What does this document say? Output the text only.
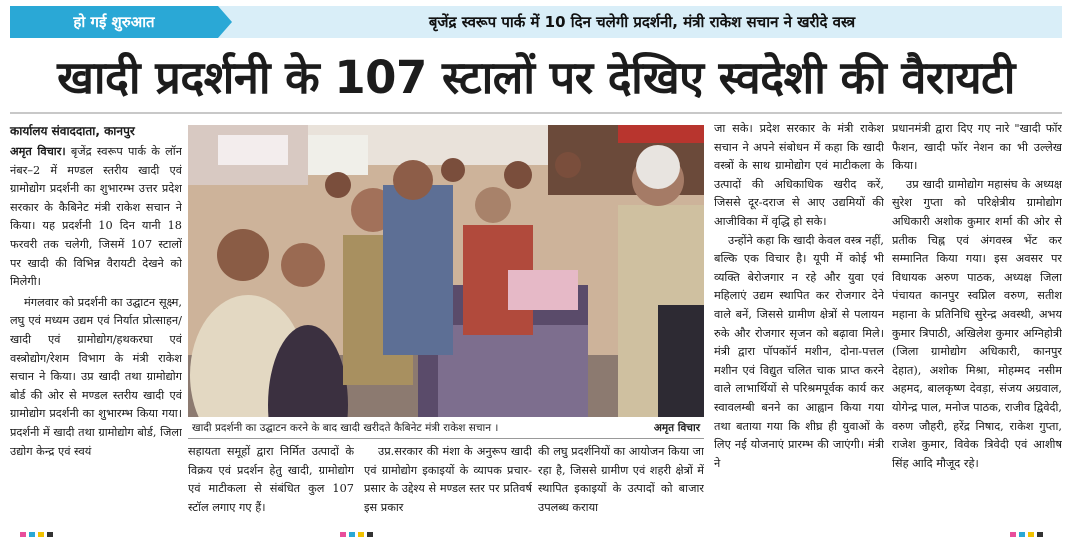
हो गई शुरुआत	बृजेंद्र स्वरूप पार्क में 10 दिन चलेगी प्रदर्शनी, मंत्री राकेश सचान ने खरीदे वस्त्र
खादी प्रदर्शनी के 107 स्टालों पर देखिए स्वदेशी की वैरायटी
कार्यालय संवाददाता, कानपुर

अमृत विचार। बृजेंद्र स्वरूप पार्क के लॉन नंबर–2 में मण्डल स्तरीय खादी एवं ग्रामोद्योग प्रदर्शनी का शुभारम्भ उत्तर प्रदेश सरकार के कैबिनेट मंत्री राकेश सचान ने किया। यह प्रदर्शनी 10 दिन यानी 18 फरवरी तक चलेगी, जिसमें 107 स्टालों पर खादी की विभिन्न वैरायटी देखने को मिलेगी।

मंगलवार को प्रदर्शनी का उद्घाटन सूक्ष्म, लघु एवं मध्यम उद्यम एवं निर्यात प्रोत्साहन/खादी एवं ग्रामोद्योग/हथकरघा एवं वस्त्रोद्योग/रेशम विभाग के मंत्री राकेश सचान ने किया। उप्र खादी तथा ग्रामोद्योग बोर्ड की ओर से मण्डल स्तरीय खादी एवं ग्रामोद्योग प्रदर्शनी का शुभारम्भ किया गया। प्रदर्शनी में खादी तथा ग्रामोद्योग बोर्ड, जिला उद्योग केन्द्र एवं स्वयं

खादी प्रदर्शनी का उद्घाटन करने के बाद खादी खरीदते कैबिनेट मंत्री राकेश सचान ।	अमृत विचार

सहायता समूहों द्वारा निर्मित उत्पादों के विक्रय एवं प्रदर्शन हेतु खादी, ग्रामोद्योग एवं माटीकला से संबंधित कुल 107 स्टॉल लगाए गए हैं।

उप्र.सरकार की मंशा के अनुरूप खादी एवं ग्रामोद्योग इकाइयों के व्यापक प्रचार-प्रसार के उद्देश्य से मण्डल स्तर पर प्रतिवर्ष इस प्रकार

की लघु प्रदर्शनियों का आयोजन किया जा रहा है, जिससे ग्रामीण एवं शहरी क्षेत्रों में स्थापित इकाइयों के उत्पादों को बाजार उपलब्ध कराया

जा सके। प्रदेश सरकार के मंत्री राकेश सचान ने अपने संबोधन में कहा कि खादी वस्त्रों के साथ ग्रामोद्योग एवं माटीकला के उत्पादों की अधिकाधिक खरीद करें, जिससे दूर-दराज से आए उद्यमियों की आजीविका में वृद्धि हो सके।

उन्होंने कहा कि खादी केवल वस्त्र नहीं, बल्कि एक विचार है। यूपी में कोई भी व्यक्ति बेरोजगार न रहे और युवा एवं महिलाएं उद्यम स्थापित कर रोजगार देने वाले बनें, जिससे ग्रामीण क्षेत्रों से पलायन रुके और रोजगार सृजन को बढ़ावा मिले। मंत्री द्वारा पॉपकॉर्न मशीन, दोना-पत्तल मशीन एवं विद्युत चलित चाक प्राप्त करने वाले लाभार्थियों से परिश्रमपूर्वक कार्य कर स्वावलम्बी बनने का आह्वान किया गया तथा बताया गया कि शीघ्र ही युवाओं के लिए नई योजनाएं प्रारम्भ की जाएंगी। मंत्री ने

प्रधानमंत्री द्वारा दिए गए नारे "खादी फॉर फैशन, खादी फॉर नेशन का भी उल्लेख किया।

उप्र खादी ग्रामोद्योग महासंघ के अध्यक्ष सुरेश गुप्ता को परिक्षेत्रीय ग्रामोद्योग अधिकारी अशोक कुमार शर्मा की ओर से प्रतीक चिह्न एवं अंगवस्त्र भेंट कर सम्मानित किया गया। इस अवसर पर विधायक अरुण पाठक, अध्यक्ष जिला पंचायत कानपुर स्वप्निल वरुण, सतीश महाना के प्रतिनिधि सुरेन्द्र अवस्थी, अभय कुमार त्रिपाठी, अखिलेश कुमार अग्निहोत्री (जिला ग्रामोद्योग अधिकारी, कानपुर देहात), अशोक मिश्रा, मोहम्मद नसीम अहमद, बालकृष्ण देवड़ा, संजय अग्रवाल, योगेन्द्र पाल, मनोज पाठक, राजीव द्विवेदी, वरुण जौहरी, हरेंद्र निषाद, राकेश गुप्ता, राजेश कुमार, विवेक त्रिवेदी एवं आशीष सिंह आदि मौजूद रहे।
